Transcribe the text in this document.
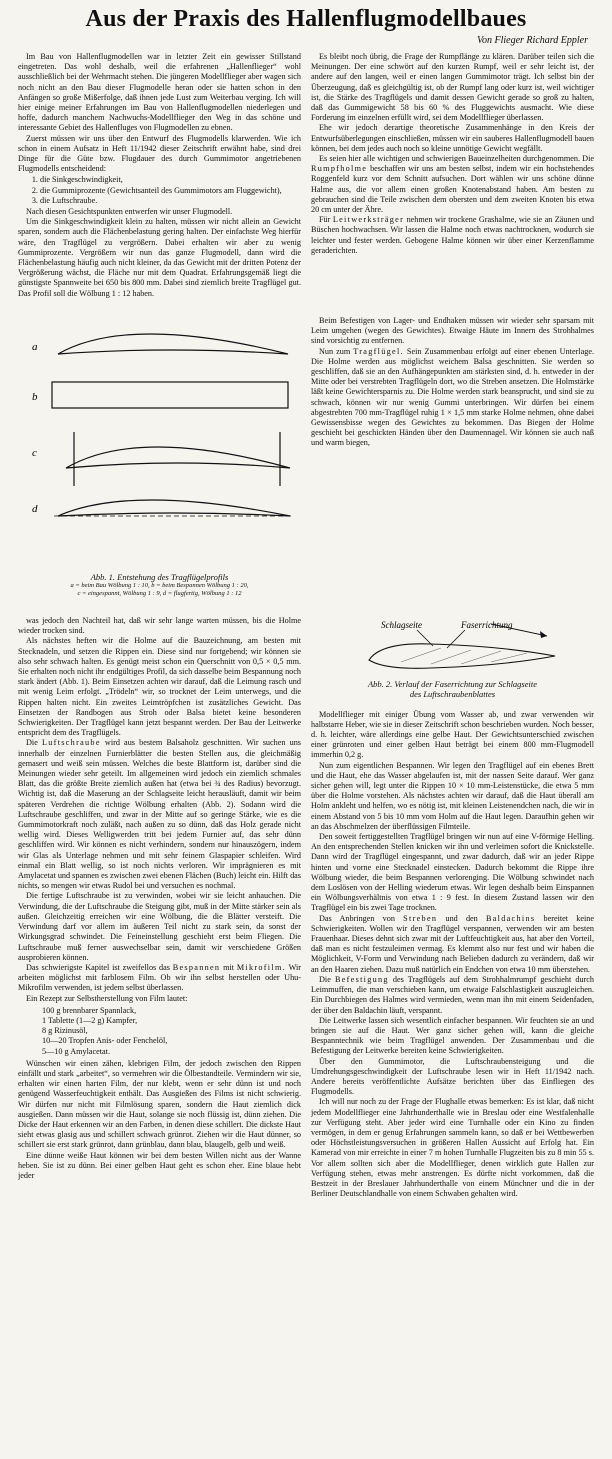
Aus der Praxis des Hallenflugmodellbaues
Von Flieger Richard Eppler

Im Bau von Hallenflugmodellen war in letzter Zeit ein gewisser Stillstand eingetreten. Das wohl deshalb, weil die erfahrenen „Hallenflieger“ wohl ausschließlich bei der Wehrmacht stehen. Die jüngeren Modellflieger aber wagen sich noch nicht an den Bau dieser Flugmodelle heran oder sie hatten schon in den Anfängen so große Mißerfolge, daß ihnen jede Lust zum Weiterbau verging. Ich will hier einige meiner Erfahrungen im Bau von Hallenflugmodellen niederlegen und hoffe, dadurch manchem Nachwuchs-Modellflieger den Weg in das schöne und interessante Gebiet des Hallenfluges von Flugmodellen zu ebnen.

Zuerst müssen wir uns über den Entwurf des Flugmodells klarwerden. Wie ich schon in einem Aufsatz in Heft 11/1942 dieser Zeitschrift erwähnt habe, sind drei Dinge für die Güte bzw. Flugdauer des durch Gummimotor angetriebenen Flugmodells entscheidend:

1. die Sinkgeschwindigkeit,
2. die Gummiprozente (Gewichtsanteil des Gummimotors am Fluggewicht),
3. die Luftschraube.

Nach diesen Gesichtspunkten entwerfen wir unser Flugmodell.

Um die Sinkgeschwindigkeit klein zu halten, müssen wir nicht allein an Gewicht sparen, sondern auch die Flächenbelastung gering halten. Der einfachste Weg hierfür wäre, den Tragflügel zu vergrößern. Dabei erhalten wir aber zu wenig Gummiprozente. Vergrößern wir nun das ganze Flugmodell, dann wird die Flächenbelastung häufig auch nicht kleiner, da das Gewicht mit der dritten Potenz der Vergrößerung wächst, die Fläche nur mit dem Quadrat. Erfahrungsgemäß liegt die günstigste Spannweite bei 650 bis 800 mm. Dabei sind ziemlich breite Tragflügel gut. Das Profil soll die Wölbung 1 : 12 haben.

Es bleibt noch übrig, die Frage der Rumpflänge zu klären. Darüber teilen sich die Meinungen. Der eine schwört auf den kurzen Rumpf, weil er sehr leicht ist, der andere auf den langen, weil er einen langen Gummimotor trägt. Ich selbst bin der Überzeugung, daß es gleichgültig ist, ob der Rumpf lang oder kurz ist, weil wichtiger ist, die Stärke des Tragflügels und damit dessen Gewicht gerade so groß zu halten, daß das Gummigewicht 58 bis 60 % des Fluggewichts ausmacht. Wie diese Forderung im einzelnen erfüllt wird, sei dem Modellflieger überlassen.

Ehe wir jedoch derartige theoretische Zusammenhänge in den Kreis der Entwurfsüberlegungen einschließen, müssen wir ein sauberes Hallenflugmodell bauen können, bei dem jedes auch noch so kleine unnötige Gewicht wegfällt.

Es seien hier alle wichtigen und schwierigen Baueinzelheiten durchgenommen. Die Rumpfholme beschaffen wir uns am besten selbst, indem wir ein hochstehendes Roggenfeld kurz vor dem Schnitt aufsuchen. Dort wählen wir uns schöne dünne Halme aus, die vor allem einen großen Knotenabstand haben. Am besten zu gebrauchen sind die Teile zwischen dem obersten und dem zweiten Knoten bis etwa 20 cm unter der Ähre.

Für Leitwerksträger nehmen wir trockene Grashalme, wie sie an Zäunen und Büschen hochwachsen. Wir lassen die Halme noch etwas nachtrocknen, wodurch sie leichter und fester werden. Gebogene Halme können wir über einer Kerzenflamme geraderichten.

a
b
c
d
Abb. 1. Entstehung des Tragflügelprofils
a = beim Bau Wölbung 1 : 10, b = beim Bespannen Wölbung 1 : 20,
c = eingespannt, Wölbung 1 : 9, d = flugfertig, Wölbung 1 : 12

Beim Befestigen von Lager- und Endhaken müssen wir wieder sehr sparsam mit Leim umgehen (wegen des Gewichtes). Etwaige Häute im Innern des Strohhalmes sind vorsichtig zu entfernen.

Nun zum Tragflügel. Sein Zusammenbau erfolgt auf einer ebenen Unterlage. Die Holme werden aus möglichst weichem Balsa geschnitten. Sie werden so geschliffen, daß sie an den Aufhängepunkten am stärksten sind, d. h. entweder in der Mitte oder bei verstrebten Tragflügeln dort, wo die Streben ansetzen. Die Holmstärke läßt keine Gewichtersparnis zu. Die Holme werden stark beansprucht, und sind sie zu schwach, können wir nur wenig Gummi unterbringen. Wir dürfen bei einem abgestrebten 700 mm-Tragflügel ruhig 1 × 1,5 mm starke Holme nehmen, ohne dabei Gewissensbisse wegen des Gewichtes zu bekommen. Das Biegen der Holme geschieht bei geschickten Händen über den Daumennagel. Wir können sie auch naß und warm biegen,

was jedoch den Nachteil hat, daß wir sehr lange warten müssen, bis die Holme wieder trocken sind.

Als nächstes heften wir die Holme auf die Bauzeichnung, am besten mit Stecknadeln, und setzen die Rippen ein. Diese sind nur fortgebend; wir können sie also sehr schwach halten. Es genügt meist schon ein Querschnitt von 0,5 × 0,5 mm. Sie erhalten noch nicht ihr endgültiges Profil, da sich dasselbe beim Bespannung noch stark ändert (Abb. 1). Beim Einsetzen achten wir darauf, daß die Leimung rasch und mit wenig Leim erfolgt. „Trödeln“ wir, so trocknet der Leim unterwegs, und die Rippen halten nicht. Ein zweites Leimtröpfchen ist zusätzliches Gewicht. Das Einsetzen der Randbogen aus Stroh oder Balsa bietet keine besonderen Schwierigkeiten. Der Tragflügel kann jetzt bespannt werden. Der Bau der Leitwerke entspricht dem des Tragflügels.

Die Luftschraube wird aus bestem Balsaholz geschnitten. Wir suchen uns innerhalb der einzelnen Furnierblätter die besten Stellen aus, die gleichmäßig gemasert und weiß sein müssen. Welches die beste Blattform ist, darüber sind die Meinungen wieder sehr geteilt. Im allgemeinen wird jedoch ein ziemlich schmales Blatt, das die größte Breite ziemlich außen hat (etwa bei ¾ des Radius) bevorzugt. Wichtig ist, daß die Maserung an der Schlagseite leicht herausläuft, damit wir beim späteren Verdrehen die richtige Wölbung erhalten (Abb. 2). Sodann wird die Luftschraube geschliffen, und zwar in der Mitte auf so geringe Stärke, wie es die Gummimotorkraft noch zuläßt, nach außen zu so dünn, daß das Holz gerade nicht wellig wird. Dieses Welligwerden tritt bei jedem Furnier auf, das sehr dünn geschliffen wird. Wir können es nicht verhindern, sondern nur hinauszögern, indem wir Glas als Unterlage nehmen und mit sehr feinem Glaspapier schleifen. Wird einmal ein Blatt wellig, so ist noch nichts verloren. Wir imprägnieren es mit Amylacetat und spannen es zwischen zwei ebenen Flächen (Buch) leicht ein. Hilft das nichts, so mengen wir etwas Rudol bei und versuchen es nochmal.

Die fertige Luftschraube ist zu verwinden, wobei wir sie leicht anhauchen. Die Verwindung, die der Luftschraube die Steigung gibt, muß in der Mitte stärker sein als außen. Gleichzeitig erreichen wir eine Wölbung, die die Blätter versteift. Die Verwindung darf vor allem im äußeren Teil nicht zu stark sein, da sonst der Wirkungsgrad schwindet. Die Feineinstellung geschieht erst beim Fliegen. Die Luftschraube muß ferner auswechselbar sein, damit wir verschiedene Größen ausprobieren können.

Das schwierigste Kapitel ist zweifellos das Bespannen mit Mikrofilm. Wir arbeiten möglichst mit farblosem Film. Ob wir ihn selbst herstellen oder Uhu-Mikrofilm verwenden, ist jedem selbst überlassen.

Ein Rezept zur Selbstherstellung von Film lautet:

100 g brennbarer Spannlack,
1 Tablette (1—2 g) Kampfer,
8 g Rizinusöl,
10—20 Tropfen Anis- oder Fenchelöl,
5—10 g Amylacetat.

Wünschen wir einen zähen, klebrigen Film, der jedoch zwischen den Rippen einfällt und stark „arbeitet“, so vermehren wir die Ölbestandteile. Vermindern wir sie, erhalten wir einen harten Film, der nur klebt, wenn er sehr dünn ist und noch genügend Wasserfeuchtigkeit enthält. Das Ausgießen des Films ist nicht schwierig. Wir dürfen nur nicht mit Filmlösung sparen, sondern die Haut ziemlich dick ausgießen. Dann müssen wir die Haut, solange sie noch flüssig ist, dünn ziehen. Die Dicke der Haut erkennen wir an den Farben, in denen diese schillert. Die dickste Haut sieht etwas glasig aus und schillert schwach grünrot. Ziehen wir die Haut dünner, so schillert sie erst stark grünrot, dann grünblau, dann blau, blaugelb, gelb und weiß.

Eine dünne weiße Haut können wir bei dem besten Willen nicht aus der Wanne heben. Sie ist zu dünn. Bei einer gelben Haut geht es schon eher. Eine blaue hebt jeder

Schlagseite	Faserrichtung
Abb. 2. Verlauf der Faserrichtung zur Schlagseite
des Luftschraubenblattes

Modellflieger mit einiger Übung vom Wasser ab, und zwar verwenden wir halbstarre Heber, wie sie in dieser Zeitschrift schon beschrieben wurden. Noch besser, d. h. leichter, wäre allerdings eine gelbe Haut. Der Gewichtsunterschied zwischen einer grünroten und einer gelben Haut beträgt bei einem 800 mm-Flugmodell immerhin 0,2 g.

Nun zum eigentlichen Bespannen. Wir legen den Tragflügel auf ein ebenes Brett und die Haut, ehe das Wasser abgelaufen ist, mit der nassen Seite darauf. Wer ganz sicher gehen will, legt unter die Rippen 10 × 10 mm-Leistenstücke, die etwa 5 mm über die Holme vorstehen. Als nächstes achten wir darauf, daß die Haut überall am Holm ankleht und helfen, wo es nötig ist, mit kleinen Leistenendchen nach, die wir in einem Abstand von 5 bis 10 mm vom Holm auf die Haut legen. Daraufhin gehen wir an das Abschmelzen der überflüssigen Filmteile.

Den soweit fertiggestellten Tragflügel bringen wir nun auf eine V-förmige Helling. An den entsprechenden Stellen knicken wir ihn und verleimen sofort die Knickstelle. Dann wird der Tragflügel eingespannt, und zwar dadurch, daß wir an jeder Rippe hinten und vorne eine Stecknadel einstecken. Dadurch bekommt die Rippe ihre Wölbung wieder, die beim Bespannen verlorenging. Die Wölbung schwindet nach dem Loslösen von der Helling wiederum etwas. Wir legen deshalb beim Einspannen ein Wölbungsverhältnis von etwa 1 : 9 fest. In diesem Zustand lassen wir den Tragflügel ein bis zwei Tage trocknen.

Das Anbringen von Streben und den Baldachins bereitet keine Schwierigkeiten. Wollen wir den Tragflügel verspannen, verwenden wir am besten Frauenhaar. Dieses dehnt sich zwar mit der Luftfeuchtigkeit aus, hat aber den Vorteil, daß man es nicht festzuleimen vermag. Es klemmt also nur fest und wir haben die Möglichkeit, V-Form und Verwindung nach Belieben dadurch zu verändern, daß wir an den Haaren ziehen. Dazu muß natürlich ein Endchen von etwa 10 mm überstehen.

Die Befestigung des Tragflügels auf dem Strohhalmrumpf geschieht durch Leimmuffen, die man verschieben kann, um etwaige Falschlastigkeit auszugleichen. Ein Durchbiegen des Halmes wird vermieden, wenn man ihn mit einem Seidenfaden, der über den Baldachin läuft, verspannt.

Die Leitwerke lassen sich wesentlich einfacher bespannen. Wir feuchten sie an und bringen sie auf die Haut. Wer ganz sicher gehen will, kann die gleiche Bespanntechnik wie beim Tragflügel anwenden. Der Zusammenbau und die Befestigung der Leitwerke bereiten keine Schwierigkeiten.

Über den Gummimotor, die Luftschraubensteigung und die Umdrehungsgeschwindigkeit der Luftschraube lesen wir in Heft 11/1942 nach. Andere bereits veröffentlichte Aufsätze berichten über das Einfliegen des Flugmodells.

Ich will nur noch zu der Frage der Flughalle etwas bemerken: Es ist klar, daß nicht jedem Modellflieger eine Jahrhunderthalle wie in Breslau oder eine Westfalenhalle zur Verfügung steht. Aber jeder wird eine Turnhalle oder ein Kino zu finden vermögen, in dem er genug Erfahrungen sammeln kann, so daß er bei Wettbewerben oder Höchstleistungsversuchen in größeren Hallen Aussicht auf Erfolg hat. Ein Kamerad von mir erreichte in einer 7 m hohen Turnhalle Flugzeiten bis zu 8 min 55 s. Vor allem sollten sich aber die Modellflieger, denen wirklich gute Hallen zur Verfügung stehen, etwas mehr anstrengen. Es dürfte nicht vorkommen, daß die Bestzeit in der Breslauer Jahrhunderthalle von einem Münchner und die in der Berliner Deutschlandhalle von einem Schwaben gehalten wird.
